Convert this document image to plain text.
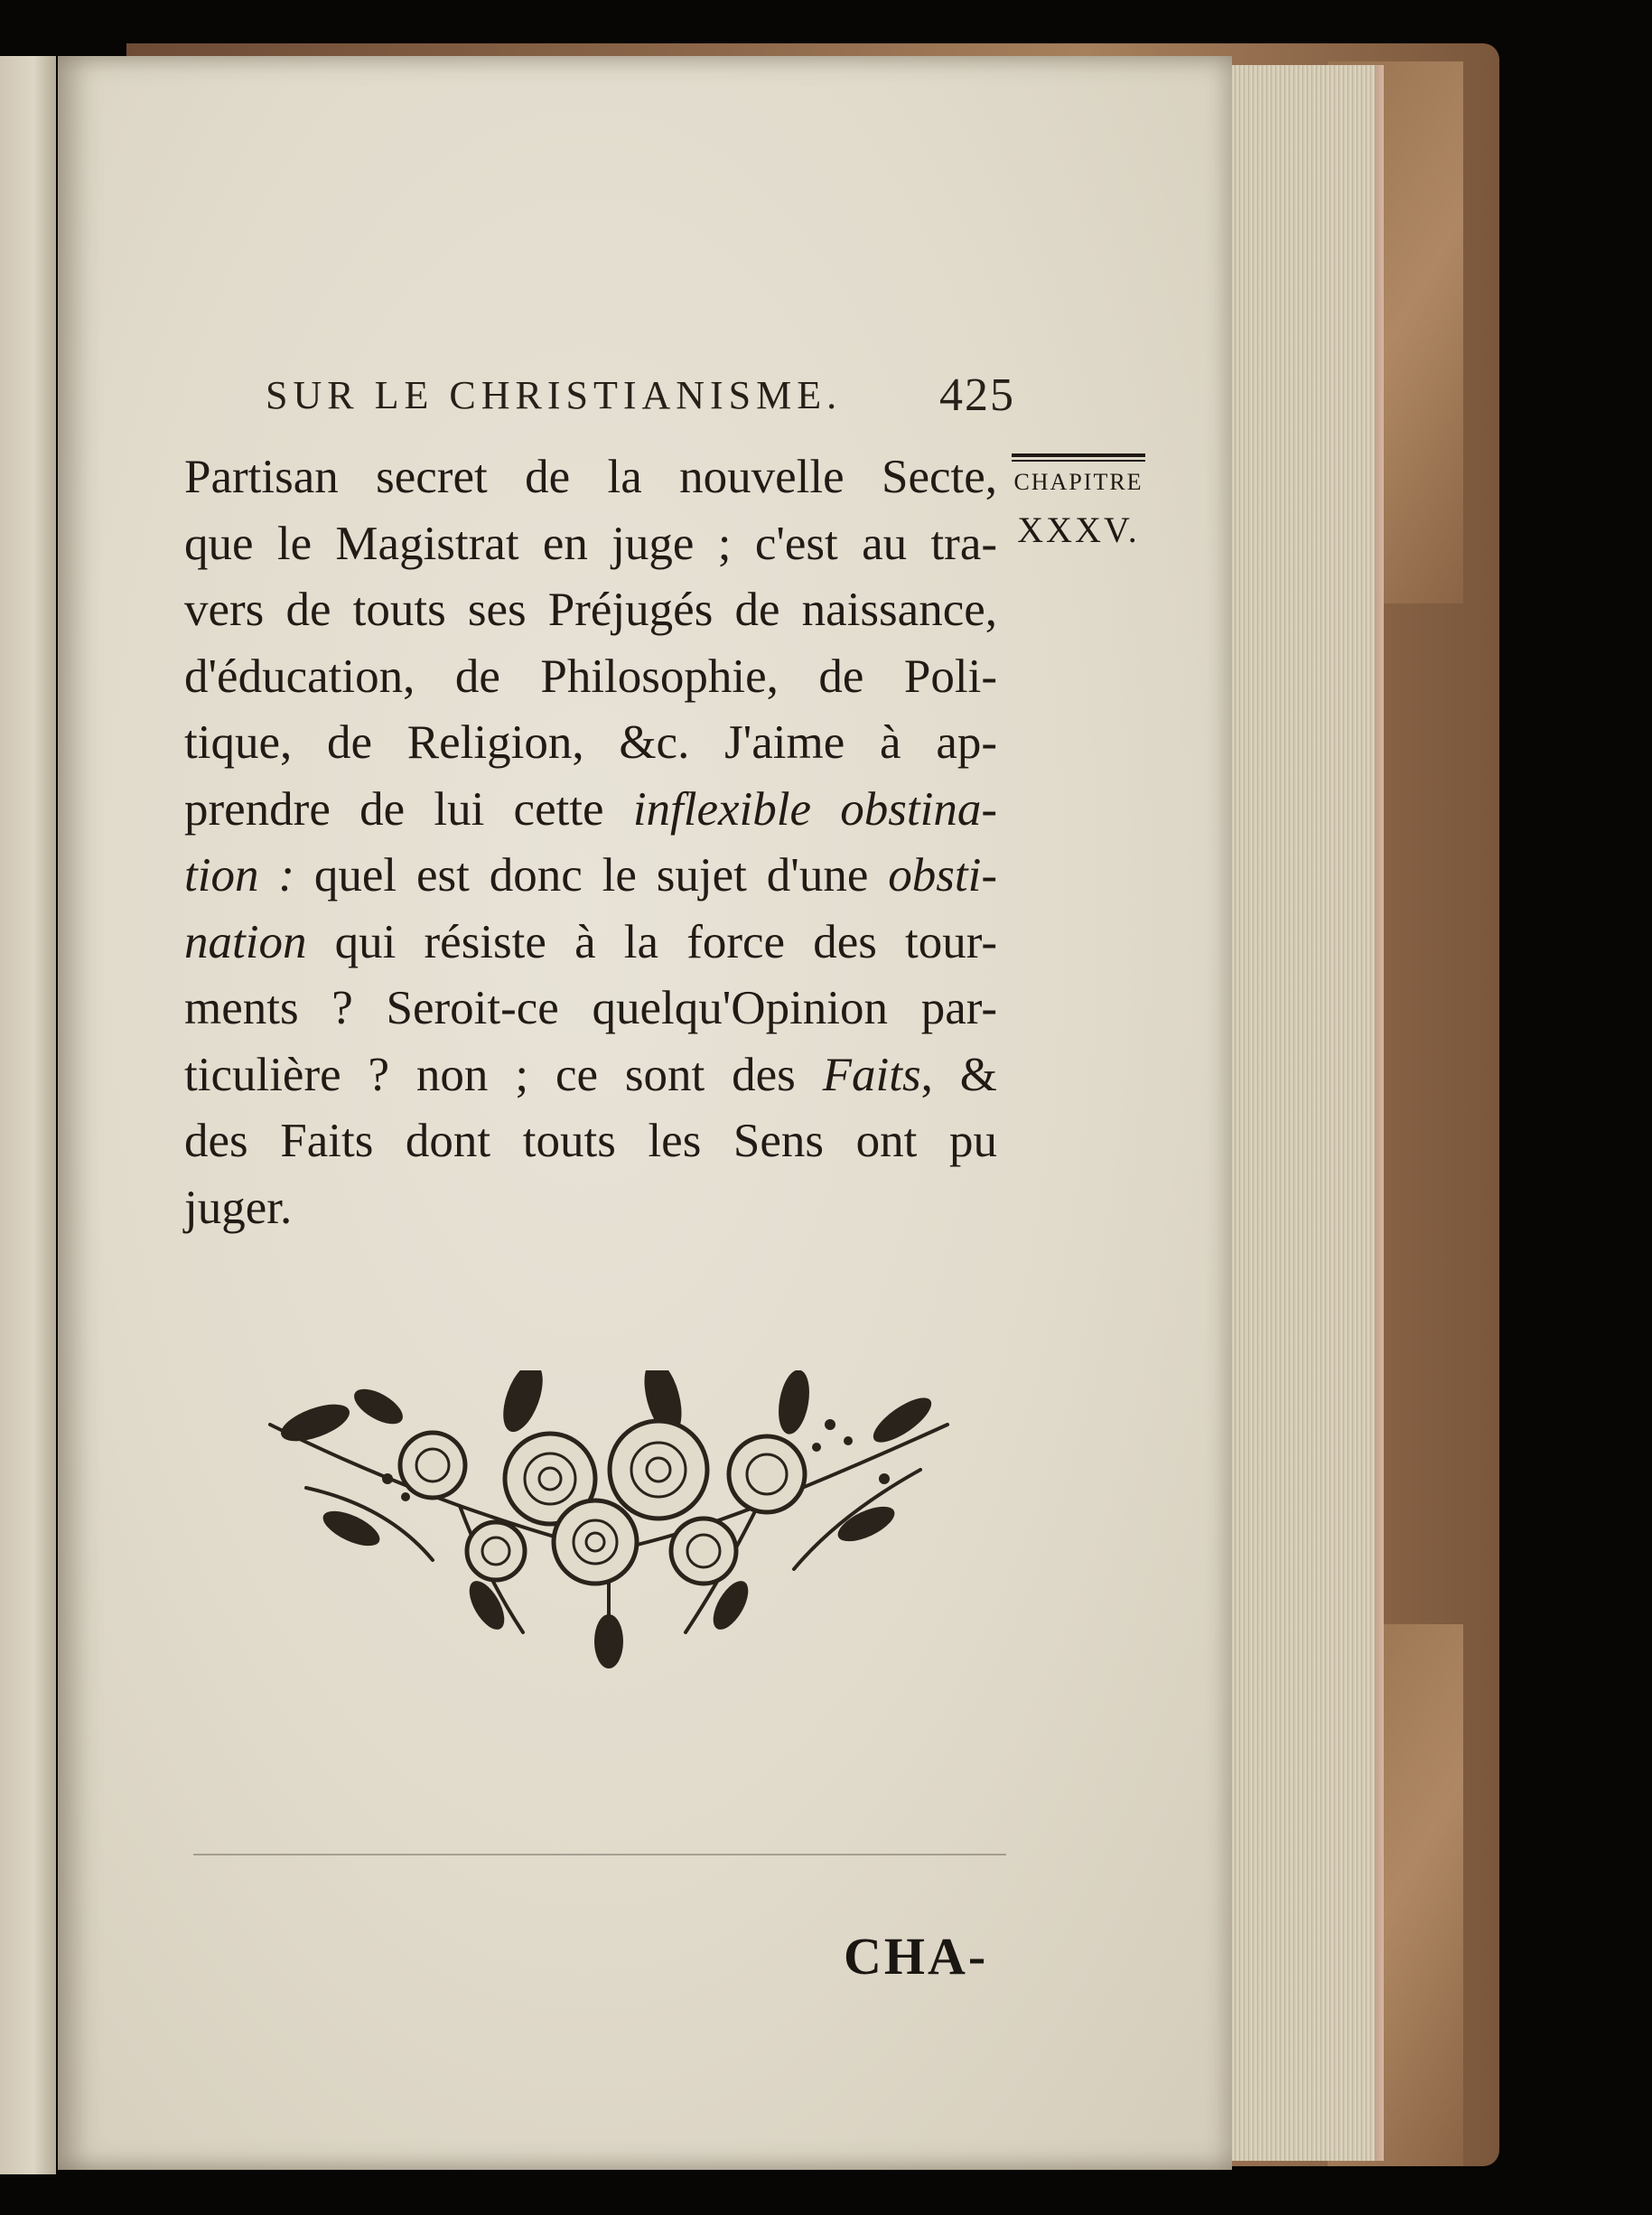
SUR LE CHRISTIANISME. 425
Partisan secret de la nouvelle Secte,
que le Magistrat en juge ; c'est au tra-
vers de touts ses Préjugés de naissance,
d'éducation, de Philosophie, de Poli-
tique, de Religion, &c. J'aime à ap-
prendre de lui cette inflexible obstina-
tion : quel est donc le sujet d'une obsti-
nation qui résiste à la force des tour-
ments ? Seroit-ce quelqu'Opinion par-
ticulière ? non ; ce sont des Faits, &
des Faits dont touts les Sens ont pu
juger.
CHAPITRE
XXXV.
CHA-
